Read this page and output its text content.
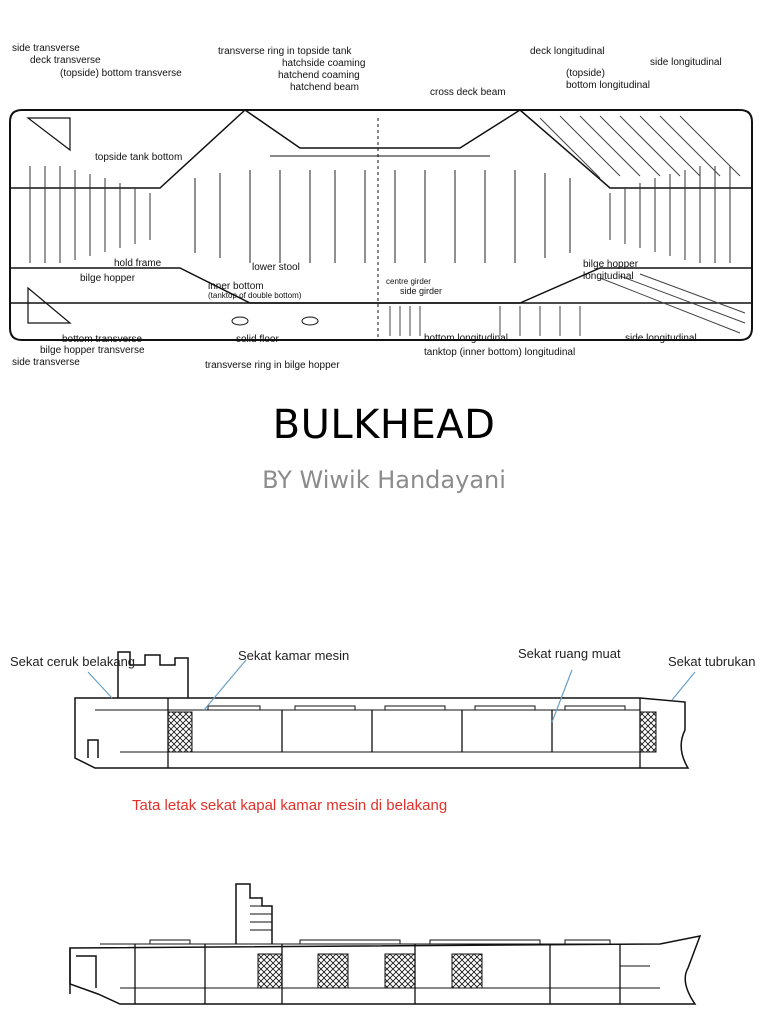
side transverse
deck transverse
(topside) bottom transverse
transverse ring in topside tank
hatchside coaming
hatchend coaming
hatchend beam	cross deck beam
deck longitudinal
(topside)
side longitudinal
bottom longitudinal
topside tank bottom
hold frame
bilge hopper
lower stool
inner bottom
(tanktop of double bottom)
centre girder
side girder
bilge hopper
longitudinal
bottom transverse
bilge hopper transverse
side transverse
solid floor	bottom longitudinal	side longitudinal
tanktop (inner bottom) longitudinal
transverse ring in bilge hopper
BULKHEAD
BY Wiwik Handayani
Sekat ceruk belakang	Sekat kamar mesin	Sekat ruang muat
Sekat tubrukan
Tata letak sekat kapal kamar mesin di belakang
